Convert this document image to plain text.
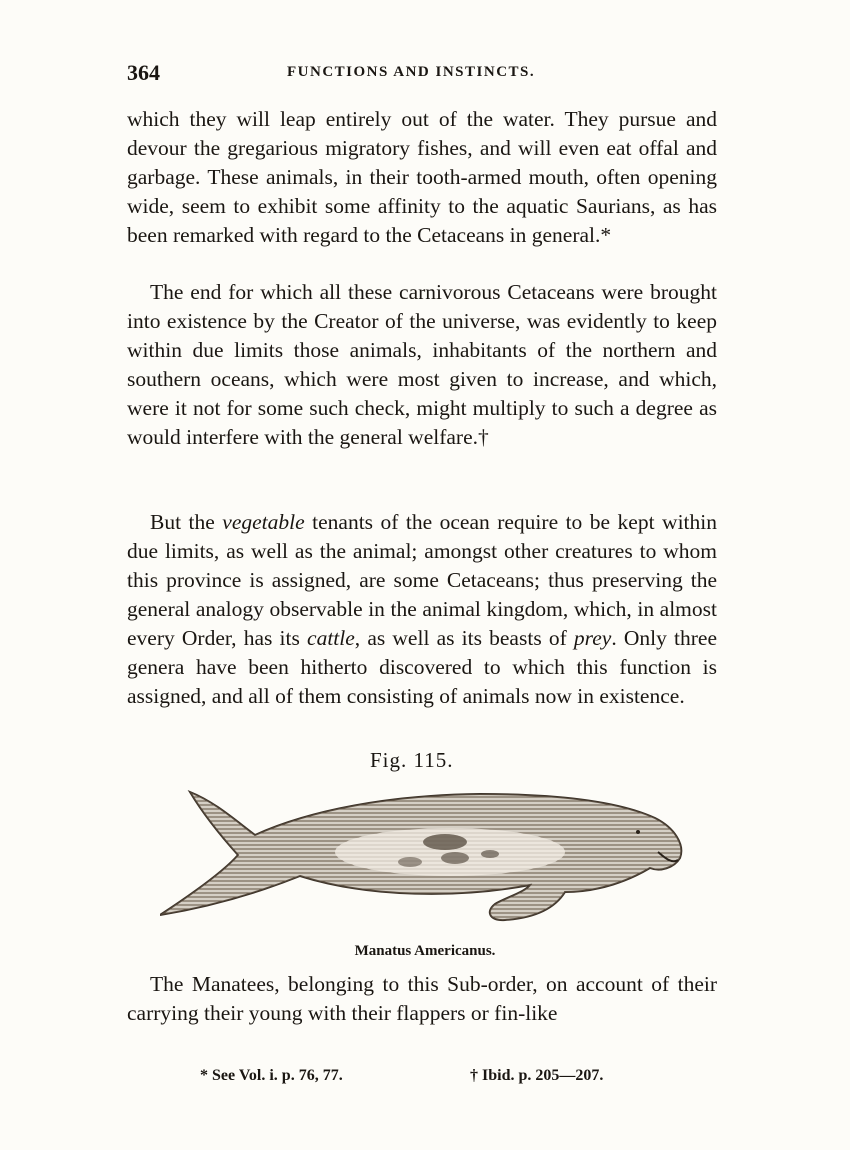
364	FUNCTIONS AND INSTINCTS.

which they will leap entirely out of the water. They pursue and devour the gregarious migratory fishes, and will even eat offal and garbage. These animals, in their tooth-armed mouth, often opening wide, seem to exhibit some affinity to the aquatic Saurians, as has been remarked with regard to the Cetaceans in general.*

The end for which all these carnivorous Cetaceans were brought into existence by the Creator of the universe, was evidently to keep within due limits those animals, inhabitants of the northern and southern oceans, which were most given to increase, and which, were it not for some such check, might multiply to such a degree as would interfere with the general welfare.†

But the vegetable tenants of the ocean require to be kept within due limits, as well as the animal; amongst other creatures to whom this province is assigned, are some Cetaceans; thus preserving the general analogy observable in the animal kingdom, which, in almost every Order, has its cattle, as well as its beasts of prey. Only three genera have been hitherto discovered to which this function is assigned, and all of them consisting of animals now in existence.

Fig. 115.
Manatus Americanus.

The Manatees, belonging to this Sub-order, on account of their carrying their young with their flappers or fin-like

* See Vol. i. p. 76, 77.	† Ibid. p. 205—207.
